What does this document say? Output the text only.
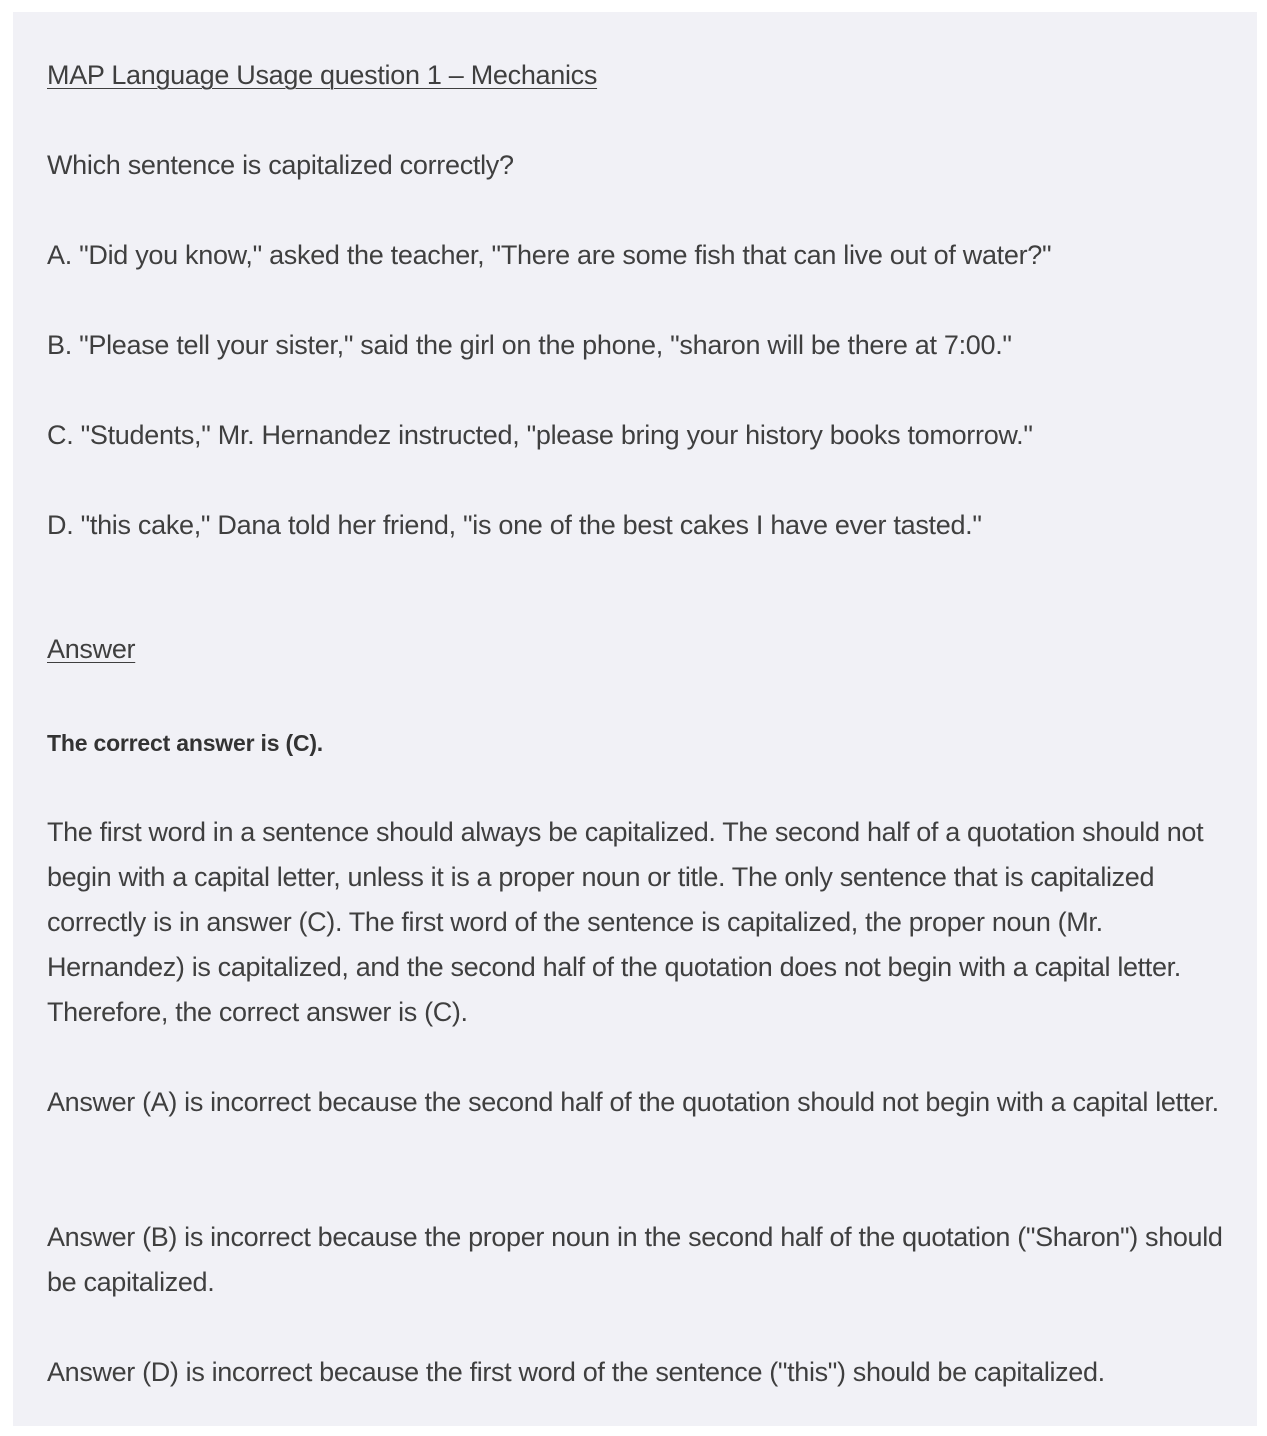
MAP Language Usage question 1 – Mechanics
Which sentence is capitalized correctly?
A. "Did you know," asked the teacher, "There are some fish that can live out of water?"
B. "Please tell your sister," said the girl on the phone, "sharon will be there at 7:00."
C. "Students," Mr. Hernandez instructed, "please bring your history books tomorrow."
D. "this cake," Dana told her friend, "is one of the best cakes I have ever tasted."
Answer
The correct answer is (C).

The first word in a sentence should always be capitalized. The second half of a quotation should not begin with a capital letter, unless it is a proper noun or title. The only sentence that is capitalized correctly is in answer (C). The first word of the sentence is capitalized, the proper noun (Mr. Hernandez) is capitalized, and the second half of the quotation does not begin with a capital letter. Therefore, the correct answer is (C).

Answer (A) is incorrect because the second half of the quotation should not begin with a capital letter.

Answer (B) is incorrect because the proper noun in the second half of the quotation ("Sharon") should be capitalized.

Answer (D) is incorrect because the first word of the sentence ("this") should be capitalized.
